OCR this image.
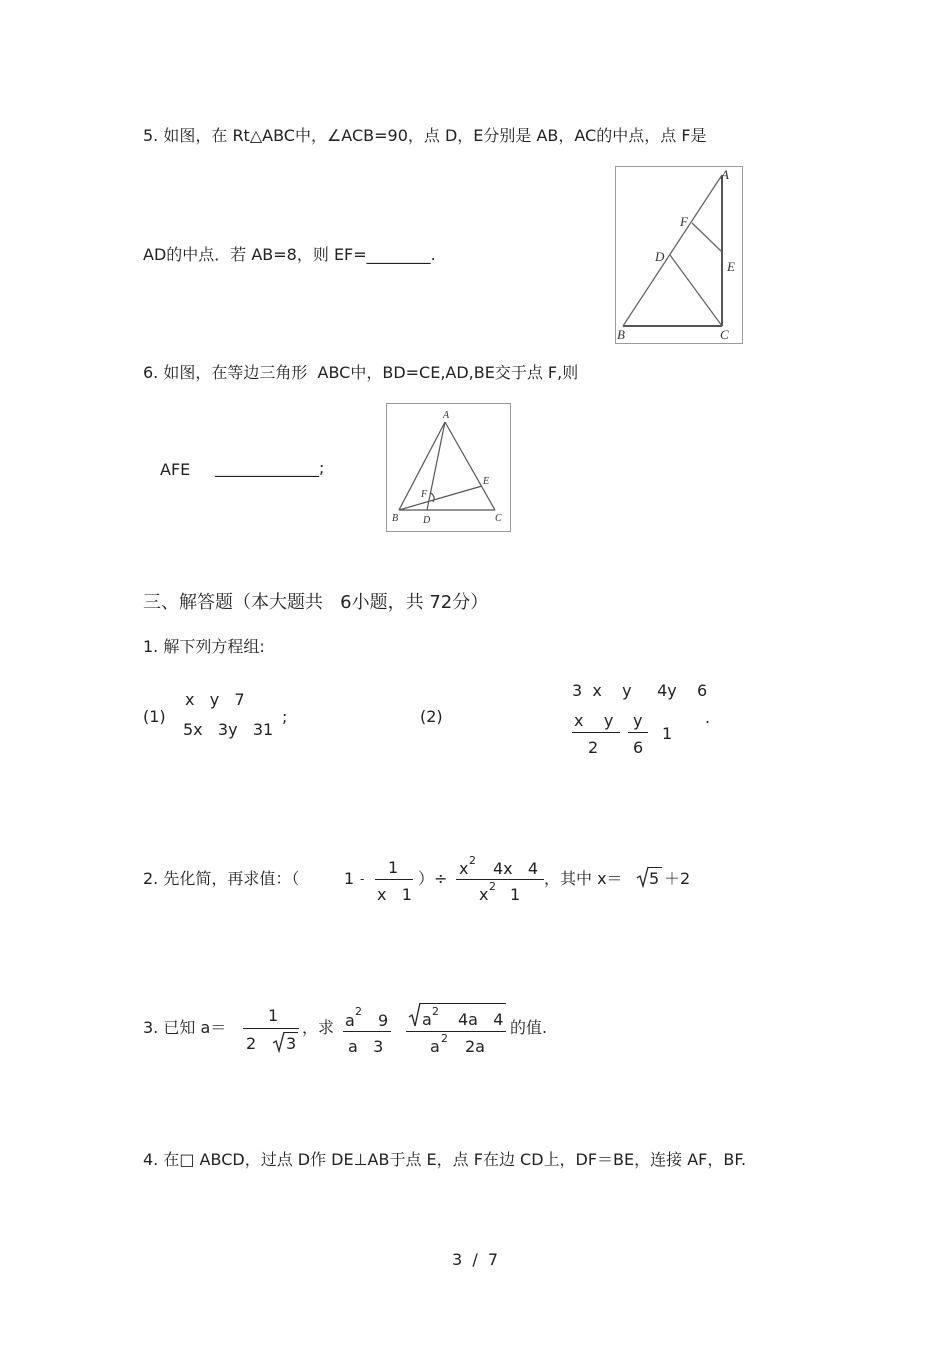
5. 如图，在 Rt△ABC中，∠ACB=90，点 D，E分别是 AB，AC的中点，点 F是
AD的中点．若 AB=8，则 EF=________.
A
B	C
D
E
F
6. 如图，在等边三角形  ABC中，BD=CE,AD,BE交于点 F,则
AFE _____________;
A
B	C
D
E
F
三、解答题（本大题共   6小题，共 72分）
1. 解下列方程组:
(1)
x   y   7
5x   3y   31
;	(2)
3  x    y     4y    6
x    y
2
y
6
1
.
2. 先化简，再求值：（	1 -
1
x   1
）÷
x 2 4x   4
x 2 1
，其中 x＝ 5 ＋2
3. 已知 a＝
1
2 3
，求 a 2 9
a   3
a 2 4a   4
a 2 2a
的值.
4. 在□ ABCD，过点 D作 DE⊥AB于点 E，点 F在边 CD上，DF＝BE，连接 AF，BF.
3  /  7
